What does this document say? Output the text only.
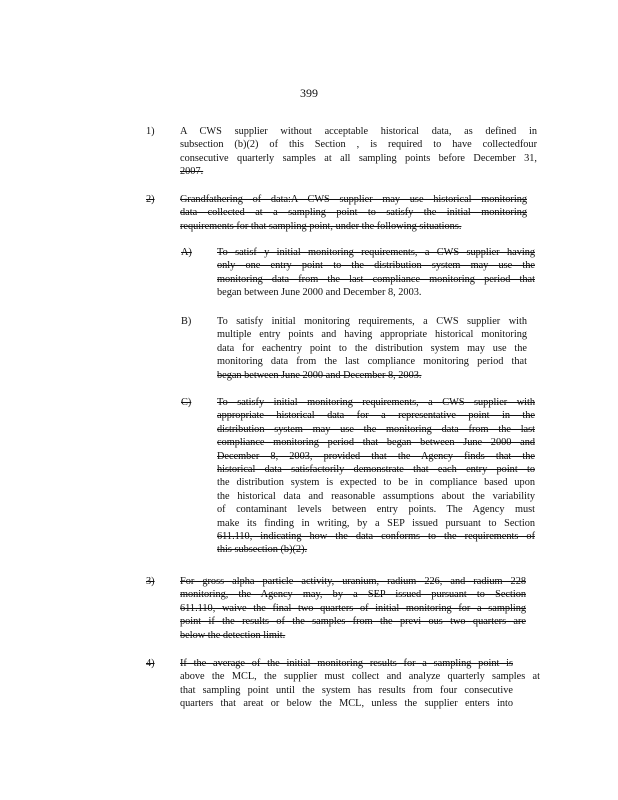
399
1) A CWS supplier without acceptable historical data, as defined in
subsection (b)(2) of this Section , is required to have collectedfour
consecutive quarterly samples at all sampling points before December 31,
2007.
2) Grandfathering of data:A CWS supplier may use historical monitoring
data collected at a sampling point to satisfy the initial monitoring
requirements for that sampling point, under the following situations.
A) To satisf y initial monitoring requirements, a CWS supplier having
only one entry point to the distribution system may use the
monitoring data from the last compliance monitoring period that
began between June 2000 and December 8, 2003.
B) To satisfy initial monitoring requirements, a CWS supplier with
multiple entry points and having appropriate historical monitoring
data for eachentry point to the distribution system may use the
monitoring data from the last compliance monitoring period that
began between June 2000 and December 8, 2003.
C) To satisfy initial monitoring requirements, a CWS supplier with
appropriate historical data for a representative point in the
distribution system may use the monitoring data from the last
compliance monitoring period that began between June 2000 and
December 8, 2003, provided that the Agency finds that the
historical data satisfactorily demonstrate that each entry point to
the distribution system is expected to be in compliance based upon
the historical data and reasonable assumptions about the variability
of contaminant levels between entry points. The Agency must
make its finding in writing, by a SEP issued pursuant to Section
611.110, indicating how the data conforms to the requirements of
this subsection (b)(2).
3) For gross alpha particle activity, uranium, radium 226, and radium 228
monitoring, the Agency may, by a SEP issued pursuant to Section
611.110, waive the final two quarters of initial monitoring for a sampling
point if the results of the samples from the previ ous two quarters are
below the detection limit.
4) If the average of the initial monitoring results for a sampling point is
above the MCL, the supplier must collect and analyze quarterly samples at
that sampling point until the system has results from four consecutive
quarters that areat or below the MCL, unless the supplier enters into
